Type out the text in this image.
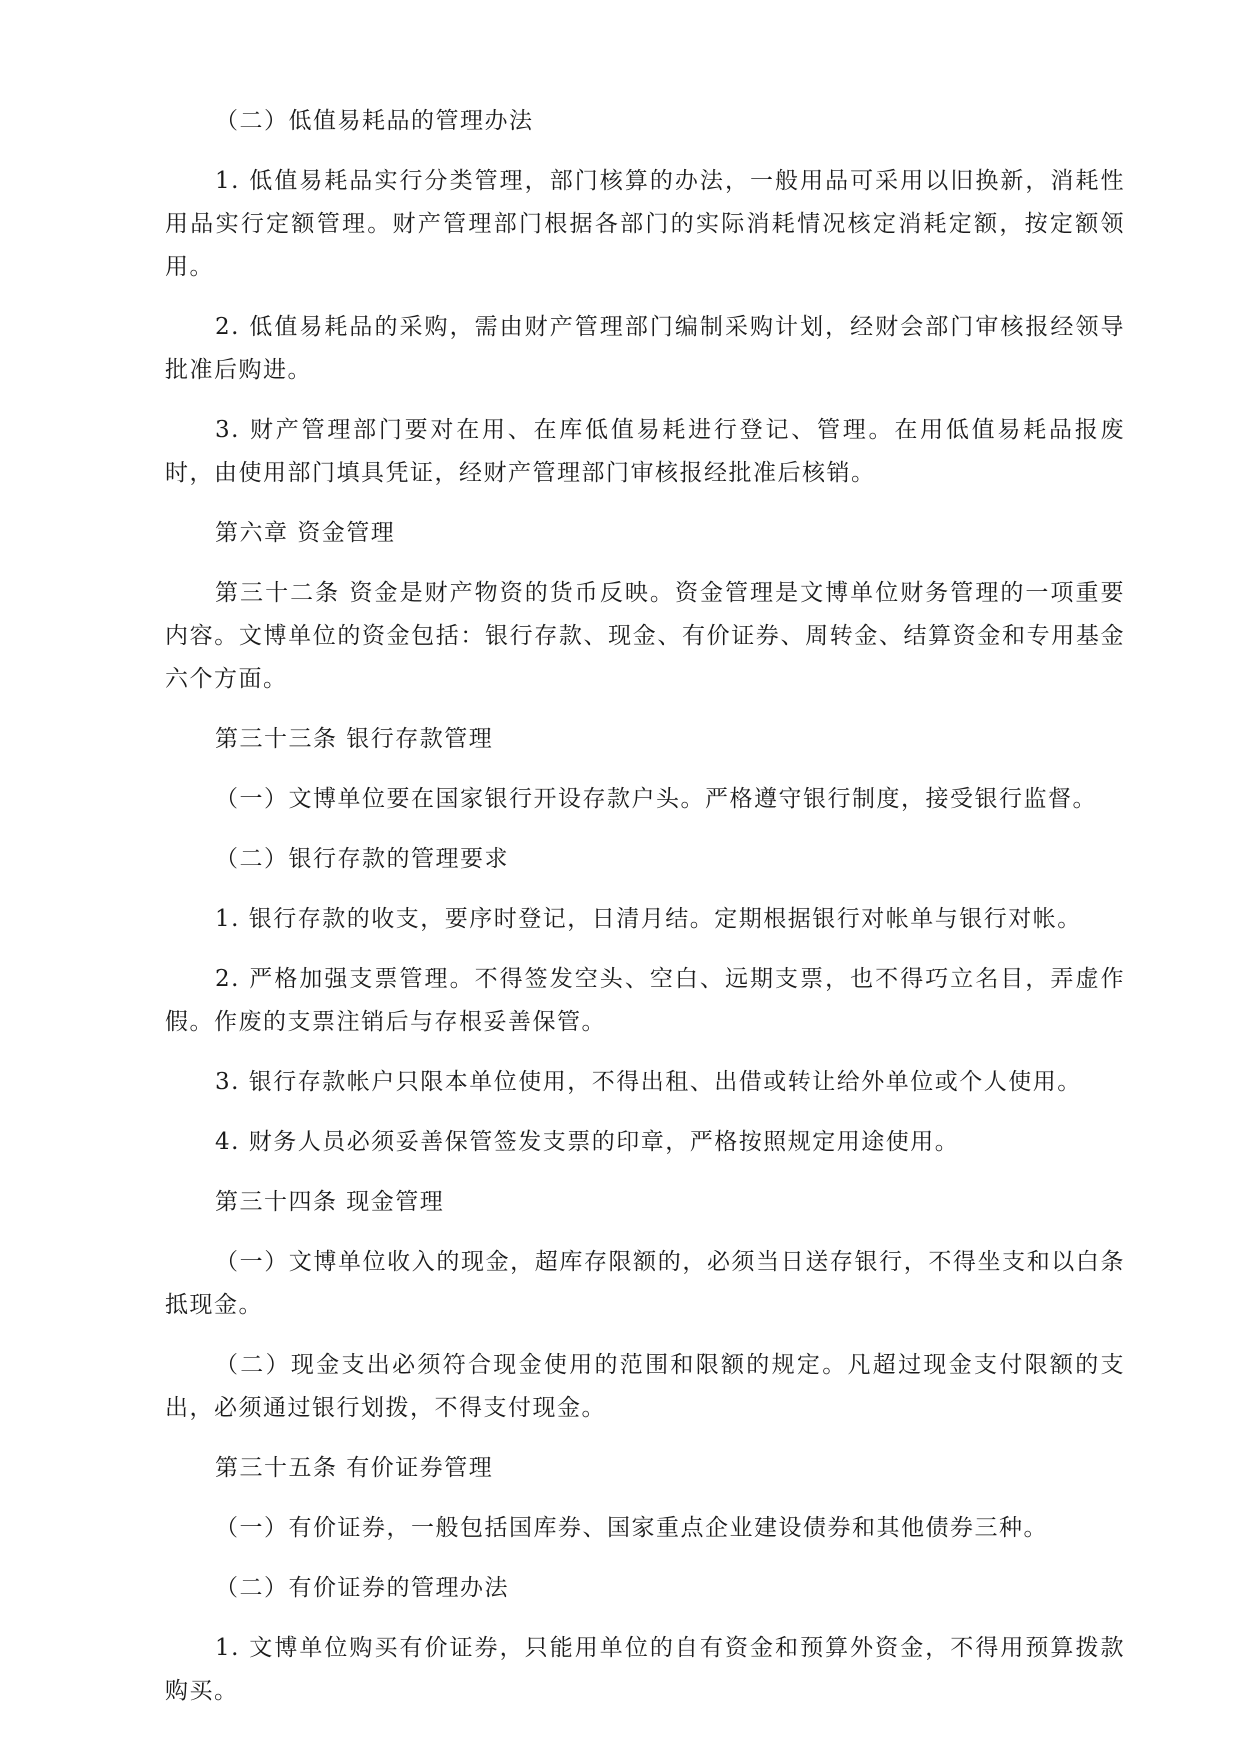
（二）低值易耗品的管理办法

1. 低值易耗品实行分类管理，部门核算的办法，一般用品可采用以旧换新，消耗性用品实行定额管理。财产管理部门根据各部门的实际消耗情况核定消耗定额，按定额领用。

2. 低值易耗品的采购，需由财产管理部门编制采购计划，经财会部门审核报经领导批准后购进。

3. 财产管理部门要对在用、在库低值易耗进行登记、管理。在用低值易耗品报废时，由使用部门填具凭证，经财产管理部门审核报经批准后核销。

第六章 资金管理

第三十二条 资金是财产物资的货币反映。资金管理是文博单位财务管理的一项重要内容。文博单位的资金包括：银行存款、现金、有价证券、周转金、结算资金和专用基金六个方面。

第三十三条 银行存款管理

（一）文博单位要在国家银行开设存款户头。严格遵守银行制度，接受银行监督。

（二）银行存款的管理要求

1. 银行存款的收支，要序时登记，日清月结。定期根据银行对帐单与银行对帐。

2. 严格加强支票管理。不得签发空头、空白、远期支票，也不得巧立名目，弄虚作假。作废的支票注销后与存根妥善保管。

3. 银行存款帐户只限本单位使用，不得出租、出借或转让给外单位或个人使用。

4. 财务人员必须妥善保管签发支票的印章，严格按照规定用途使用。

第三十四条 现金管理

（一）文博单位收入的现金，超库存限额的，必须当日送存银行，不得坐支和以白条抵现金。

（二）现金支出必须符合现金使用的范围和限额的规定。凡超过现金支付限额的支出，必须通过银行划拨，不得支付现金。

第三十五条 有价证券管理

（一）有价证券，一般包括国库券、国家重点企业建设债券和其他债券三种。

（二）有价证券的管理办法

1. 文博单位购买有价证券，只能用单位的自有资金和预算外资金，不得用预算拨款购买。
